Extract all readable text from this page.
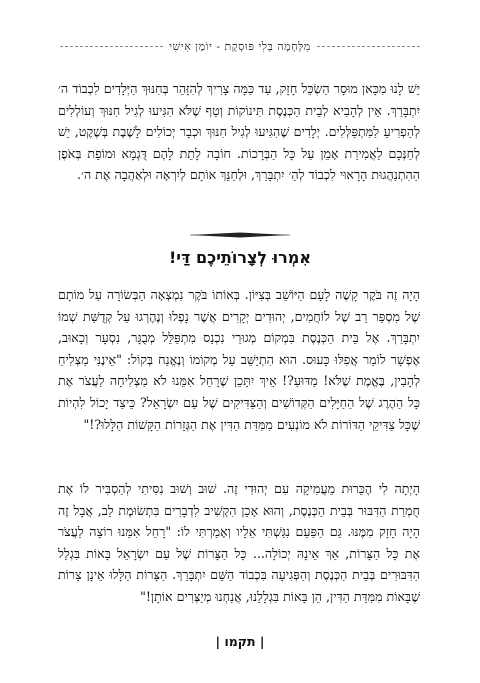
מִלְּחָמָה בְּלִי פּוּסְקָת - יוֹמַן אִישִׁי

יֵשׁ לָנוּ מִכָּאן מוּסָר הַשְׂכֵּל חָזָק, עַד כַּמָּה צָרִיךְ לְהִזָּהֵר בְּחִנּוּךְ הַיְּלָדִים לִכְבוֹד ה׳ יִתְבָּרַךְ. אֵין לְהָבִיא לְבֵית הַכְּנֶסֶת תִּינוֹקוֹת וְטַף שֶׁלֹּא הִגִּיעוּ לְגִיל חִנּוּךְ וְעוֹלְלִים לְהַפְרִיעַ לַמִּתְפַּלְּלִים. יְלָדִים שֶׁהִגִּיעוּ לְגִיל חִנּוּךְ וּכְבָר יְכוֹלִים לָשֶׁבֶת בְּשֶׁקֶט, יֵשׁ לְחַנְּכָם לַאֲמִירַת אָמֵן עַל כָּל הַבְּרָכוֹת. חוֹבָה לָתֵת לָהֶם דֻּגְמָא וּמוֹפֵת בְּאֹפֶן הַהִתְנַהֲגוּת הָרָאוּי לִכְבוֹד לְהַ׳ יִתְבָּרַךְ, וּלְחַנֵּךְ אוֹתָם לְיִרְאָה וּלְאַהֲבָה אֶת ה׳.

אִמְרוּ לְצָרוֹתֵיכֶם דַּי!

הָיָה זֶה בֹּקֶר קָשֶׁה לָעָם הַיּוֹשֵׁב בְּצִיּוֹן. בְּאוֹתוֹ בֹּקֶר נִמְצְאָה הַבְּשׂוֹרָה עַל מוֹתָם שֶׁל מִסְפַּר רַב שֶׁל לוֹחֲמִים, יְהוּדִים יְקָרִים אֲשֶׁר נָפְלוּ וְנֶהֶרְגוּ עַל קְדֻשַּׁת שְׁמוֹ יִתְבָּרַךְ. אֶל בֵּית הַכְּנֶסֶת בִּמְקוֹם מְגוּרַי נִכְנַס מִתְפַּלֵּל מְבֻגָּר, נִסְעָר וְכָאוּב, אֶפְשָׁר לוֹמַר אֲפִלּוּ כָּעוּס. הוּא הִתְיַשֵּׁב עַל מְקוֹמוֹ וְנֶאֱנַח בְּקוֹל: "אֵינֶנִּי מַצְלִיחַ לְהָבִין, בֶּאֱמֶת שֶׁלֹּא! מַדּוּעַ?! אֵיךְ יִתָּכֵן שֶׁרָחֵל אִמֵּנוּ לֹא מַצְלִיחָה לַעֲצֹר אֶת כָּל הַהֶרֶג שֶׁל הַחַיָּלִים הַקְּדוֹשִׁים וְהַצַּדִּיקִים שֶׁל עַם יִשְׂרָאֵל? כֵּיצַד יָכוֹל לִהְיוֹת שֶׁכָּל צַדִּיקֵי הַדּוֹרוֹת לֹא מוֹנְעִים מִמִּדַּת הַדִּין אֶת הַגְּזֵרוֹת הַקָּשׁוֹת הַלָּלוּ?!"

הָיְתָה לִי הֶכֵּרוּת מֵעֲמִיקָה עִם יְהוּדִי זֶה. שׁוּב וְשׁוּב נִסִּיתִי לְהַסְבִּיר לוֹ אֶת חֻמְרַת הַדִּבּוּר בְּבֵית הַכְּנֶסֶת, וְהוּא אָכֵן הִקְשִׁיב לִדְבָרִים בִּתְשׂוּמֶת לֵב, אֲבָל זֶה הָיָה חָזָק מִמֶּנּוּ. גַּם הַפַּעַם נִגַּשְׁתִּי אֵלָיו וְאָמַרְתִּי לוֹ: "רָחֵל אִמֵּנוּ רוֹצָה לַעֲצֹר אֶת כָּל הַצָּרוֹת, אַךְ אֵינָהּ יְכוֹלָה... כָּל הַצָּרוֹת שֶׁל עַם יִשְׂרָאֵל בָּאוֹת בִּגְלַל הַדִּבּוּרִים בְּבֵית הַכְּנֶסֶת וְהַפְּגִיעָה בִּכְבוֹד הַשֵּׁם יִתְבָּרַךְ. הַצָּרוֹת הַלָּלוּ אֵינָן צָרוֹת שֶׁבָּאוֹת מִמִּדַּת הַדִּין, הֵן בָּאוֹת בִּגְלָלֵנוּ, אֲנַחְנוּ מְיַצְּרִים אוֹתָן!"

| תקמו |
